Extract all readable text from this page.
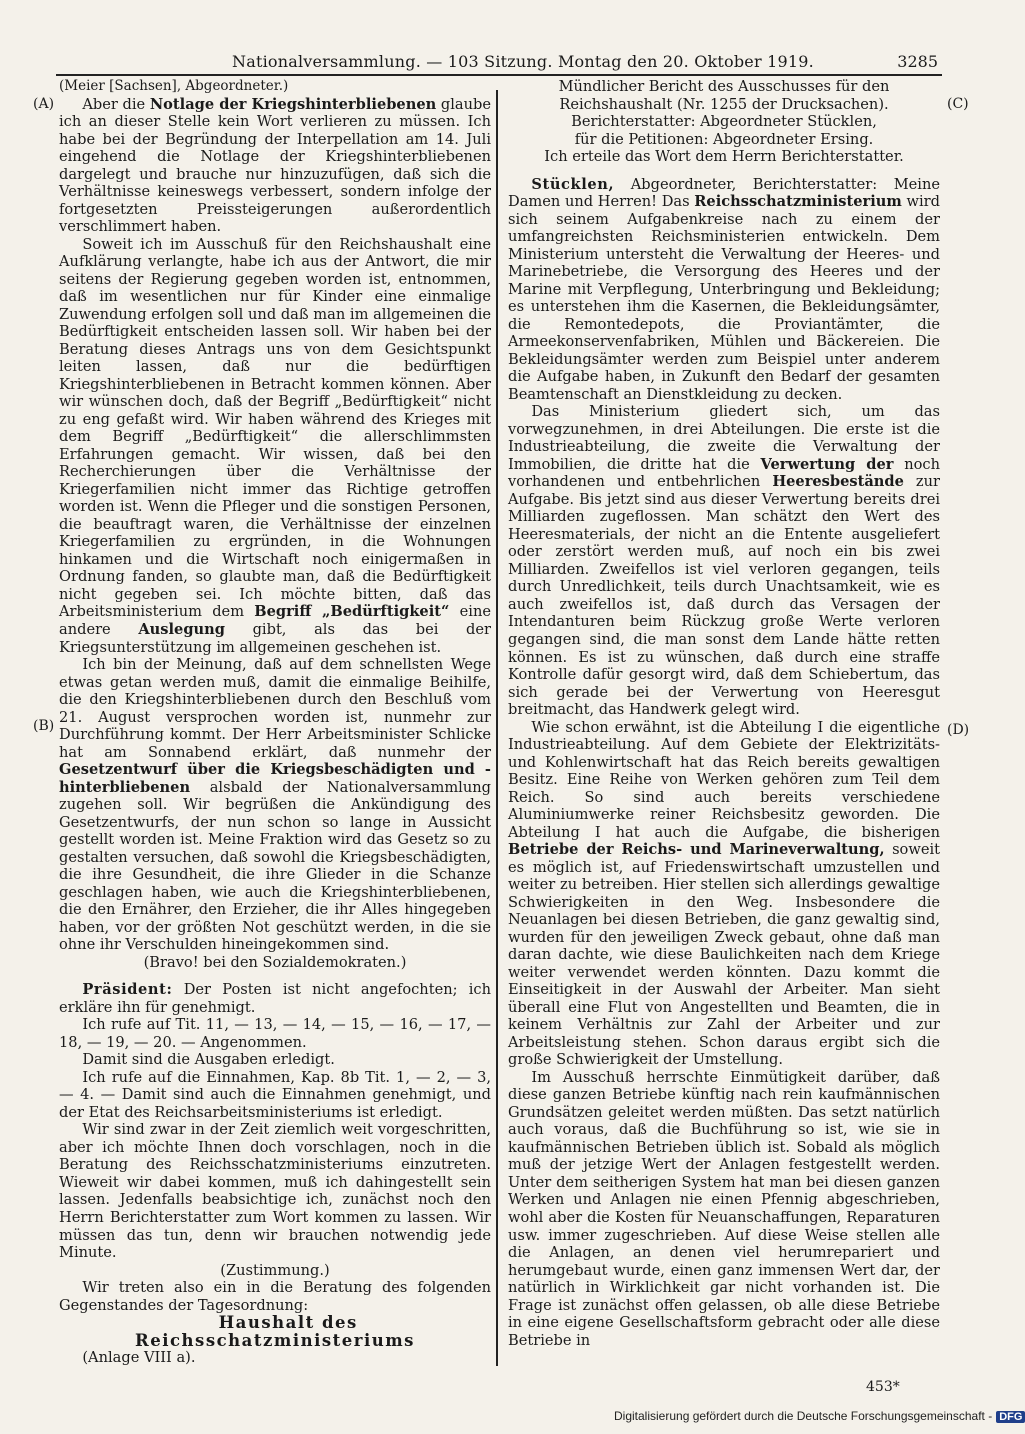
Nationalversammlung. — 103 Sitzung. Montag den 20. Oktober 1919.	3285
(A)
(B)
(C)
(D)

(Meier [Sachsen], Abgeordneter.)

Aber die Notlage der Kriegshinterbliebenen glaube ich an dieser Stelle kein Wort verlieren zu müssen. Ich habe bei der Begründung der Interpellation am 14. Juli eingehend die Notlage der Kriegshinterbliebenen dargelegt und brauche nur hinzuzufügen, daß sich die Verhältnisse keineswegs verbessert, sondern infolge der fortgesetzten Preissteigerungen außerordentlich verschlimmert haben.

Soweit ich im Ausschuß für den Reichshaushalt eine Aufklärung verlangte, habe ich aus der Antwort, die mir seitens der Regierung gegeben worden ist, entnommen, daß im wesentlichen nur für Kinder eine einmalige Zuwendung erfolgen soll und daß man im allgemeinen die Bedürftigkeit entscheiden lassen soll. Wir haben bei der Beratung dieses Antrags uns von dem Gesichtspunkt leiten lassen, daß nur die bedürftigen Kriegshinterbliebenen in Betracht kommen können. Aber wir wünschen doch, daß der Begriff „Bedürftigkeit“ nicht zu eng gefaßt wird. Wir haben während des Krieges mit dem Begriff „Bedürftigkeit“ die allerschlimmsten Erfahrungen gemacht. Wir wissen, daß bei den Recherchierungen über die Verhältnisse der Kriegerfamilien nicht immer das Richtige getroffen worden ist. Wenn die Pfleger und die sonstigen Personen, die beauftragt waren, die Verhältnisse der einzelnen Kriegerfamilien zu ergründen, in die Wohnungen hinkamen und die Wirtschaft noch einigermaßen in Ordnung fanden, so glaubte man, daß die Bedürftigkeit nicht gegeben sei. Ich möchte bitten, daß das Arbeitsministerium dem Begriff „Bedürftigkeit“ eine andere Auslegung gibt, als das bei der Kriegsunterstützung im allgemeinen geschehen ist.

Ich bin der Meinung, daß auf dem schnellsten Wege etwas getan werden muß, damit die einmalige Beihilfe, die den Kriegshinterbliebenen durch den Beschluß vom 21. August versprochen worden ist, nunmehr zur Durchführung kommt. Der Herr Arbeitsminister Schlicke hat am Sonnabend erklärt, daß nunmehr der Gesetzentwurf über die Kriegsbeschädigten und -hinterbliebenen alsbald der Nationalversammlung zugehen soll. Wir begrüßen die Ankündigung des Gesetzentwurfs, der nun schon so lange in Aussicht gestellt worden ist. Meine Fraktion wird das Gesetz so zu gestalten versuchen, daß sowohl die Kriegsbeschädigten, die ihre Gesundheit, die ihre Glieder in die Schanze geschlagen haben, wie auch die Kriegshinterbliebenen, die den Ernährer, den Erzieher, die ihr Alles hingegeben haben, vor der größten Not geschützt werden, in die sie ohne ihr Verschulden hineingekommen sind.

(Bravo! bei den Sozialdemokraten.)

Präsident: Der Posten ist nicht angefochten; ich erkläre ihn für genehmigt.

Ich rufe auf Tit. 11, — 13, — 14, — 15, — 16, — 17, — 18, — 19, — 20. — Angenommen.

Damit sind die Ausgaben erledigt.

Ich rufe auf die Einnahmen, Kap. 8b Tit. 1, — 2, — 3, — 4. — Damit sind auch die Einnahmen genehmigt, und der Etat des Reichsarbeitsministeriums ist erledigt.

Wir sind zwar in der Zeit ziemlich weit vorgeschritten, aber ich möchte Ihnen doch vorschlagen, noch in die Beratung des Reichsschatzministeriums einzutreten. Wieweit wir dabei kommen, muß ich dahingestellt sein lassen. Jedenfalls beabsichtige ich, zunächst noch den Herrn Berichterstatter zum Wort kommen zu lassen. Wir müssen das tun, denn wir brauchen notwendig jede Minute.

(Zustimmung.)

Wir treten also ein in die Beratung des folgenden Gegenstandes der Tagesordnung:

Haushalt des Reichsschatzministeriums

(Anlage VIII a).

Mündlicher Bericht des Ausschusses für den Reichshaushalt (Nr. 1255 der Drucksachen).

Berichterstatter: Abgeordneter Stücklen,

für die Petitionen: Abgeordneter Ersing.

Ich erteile das Wort dem Herrn Berichterstatter.

Stücklen, Abgeordneter, Berichterstatter: Meine Damen und Herren! Das Reichsschatzministerium wird sich seinem Aufgabenkreise nach zu einem der umfangreichsten Reichsministerien entwickeln. Dem Ministerium untersteht die Verwaltung der Heeres- und Marinebetriebe, die Versorgung des Heeres und der Marine mit Verpflegung, Unterbringung und Bekleidung; es unterstehen ihm die Kasernen, die Bekleidungsämter, die Remontedepots, die Proviantämter, die Armeekonservenfabriken, Mühlen und Bäckereien. Die Bekleidungsämter werden zum Beispiel unter anderem die Aufgabe haben, in Zukunft den Bedarf der gesamten Beamtenschaft an Dienstkleidung zu decken.

Das Ministerium gliedert sich, um das vorwegzunehmen, in drei Abteilungen. Die erste ist die Industrieabteilung, die zweite die Verwaltung der Immobilien, die dritte hat die Verwertung der noch vorhandenen und entbehrlichen Heeresbestände zur Aufgabe. Bis jetzt sind aus dieser Verwertung bereits drei Milliarden zugeflossen. Man schätzt den Wert des Heeresmaterials, der nicht an die Entente ausgeliefert oder zerstört werden muß, auf noch ein bis zwei Milliarden. Zweifellos ist viel verloren gegangen, teils durch Unredlichkeit, teils durch Unachtsamkeit, wie es auch zweifellos ist, daß durch das Versagen der Intendanturen beim Rückzug große Werte verloren gegangen sind, die man sonst dem Lande hätte retten können. Es ist zu wünschen, daß durch eine straffe Kontrolle dafür gesorgt wird, daß dem Schiebertum, das sich gerade bei der Verwertung von Heeresgut breitmacht, das Handwerk gelegt wird.

Wie schon erwähnt, ist die Abteilung I die eigentliche Industrieabteilung. Auf dem Gebiete der Elektrizitäts- und Kohlenwirtschaft hat das Reich bereits gewaltigen Besitz. Eine Reihe von Werken gehören zum Teil dem Reich. So sind auch bereits verschiedene Aluminiumwerke reiner Reichsbesitz geworden. Die Abteilung I hat auch die Aufgabe, die bisherigen Betriebe der Reichs- und Marineverwaltung, soweit es möglich ist, auf Friedenswirtschaft umzustellen und weiter zu betreiben. Hier stellen sich allerdings gewaltige Schwierigkeiten in den Weg. Insbesondere die Neuanlagen bei diesen Betrieben, die ganz gewaltig sind, wurden für den jeweiligen Zweck gebaut, ohne daß man daran dachte, wie diese Baulichkeiten nach dem Kriege weiter verwendet werden könnten. Dazu kommt die Einseitigkeit in der Auswahl der Arbeiter. Man sieht überall eine Flut von Angestellten und Beamten, die in keinem Verhältnis zur Zahl der Arbeiter und zur Arbeitsleistung stehen. Schon daraus ergibt sich die große Schwierigkeit der Umstellung.

Im Ausschuß herrschte Einmütigkeit darüber, daß diese ganzen Betriebe künftig nach rein kaufmännischen Grundsätzen geleitet werden müßten. Das setzt natürlich auch voraus, daß die Buchführung so ist, wie sie in kaufmännischen Betrieben üblich ist. Sobald als möglich muß der jetzige Wert der Anlagen festgestellt werden. Unter dem seitherigen System hat man bei diesen ganzen Werken und Anlagen nie einen Pfennig abgeschrieben, wohl aber die Kosten für Neuanschaffungen, Reparaturen usw. immer zugeschrieben. Auf diese Weise stellen alle die Anlagen, an denen viel herumrepariert und herumgebaut wurde, einen ganz immensen Wert dar, der natürlich in Wirklichkeit gar nicht vorhanden ist. Die Frage ist zunächst offen gelassen, ob alle diese Betriebe in eine eigene Gesellschaftsform gebracht oder alle diese Betriebe in

453*
Digitalisierung gefördert durch die Deutsche Forschungsgemeinschaft - DFG
